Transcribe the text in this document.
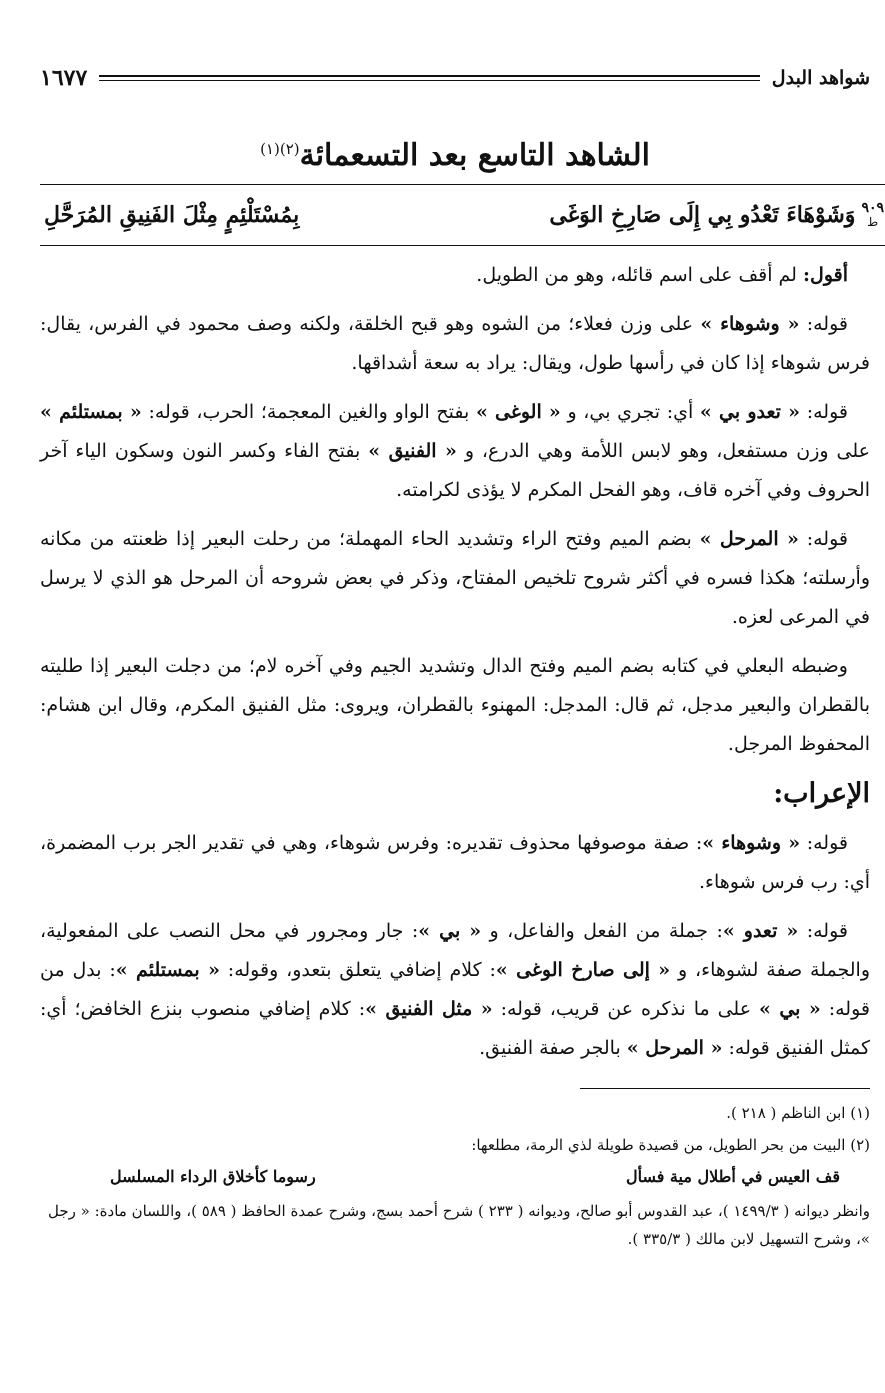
شواهد البدل
١٦٧٧
الشاهد التاسع بعد التسعمائة$^{(٢)(١)}$
٩٠٩
ط
وَشَوْهَاءَ تَعْدُو بِي إِلَى صَارِخِ الوَغَى
بِمُسْتَلْئِمٍ مِثْلَ الفَنِيقِ المُرَحَّلِ

أقول: لم أقف على اسم قائله، وهو من الطويل.

قوله: « وشوهاء » على وزن فعلاء؛ من الشوه وهو قبح الخلقة، ولكنه وصف محمود في الفرس، يقال: فرس شوهاء إذا كان في رأسها طول، ويقال: يراد به سعة أشداقها.

قوله: « تعدو بي » أي: تجري بي، و « الوغى » بفتح الواو والغين المعجمة؛ الحرب، قوله: « بمستلئم » على وزن مستفعل، وهو لابس اللأمة وهي الدرع، و « الفنيق » بفتح الفاء وكسر النون وسكون الياء آخر الحروف وفي آخره قاف، وهو الفحل المكرم لا يؤذى لكرامته.

قوله: « المرحل » بضم الميم وفتح الراء وتشديد الحاء المهملة؛ من رحلت البعير إذا ظعنته من مكانه وأرسلته؛ هكذا فسره في أكثر شروح تلخيص المفتاح، وذكر في بعض شروحه أن المرحل هو الذي لا يرسل في المرعى لعزه.

وضبطه البعلي في كتابه بضم الميم وفتح الدال وتشديد الجيم وفي آخره لام؛ من دجلت البعير إذا طليته بالقطران والبعير مدجل، ثم قال: المدجل: المهنوء بالقطران، ويروى: مثل الفنيق المكرم، وقال ابن هشام: المحفوظ المرجل.

الإعراب:

قوله: « وشوهاء »: صفة موصوفها محذوف تقديره: وفرس شوهاء، وهي في تقدير الجر برب المضمرة، أي: رب فرس شوهاء.

قوله: « تعدو »: جملة من الفعل والفاعل، و « بي »: جار ومجرور في محل النصب على المفعولية، والجملة صفة لشوهاء، و « إلى صارخ الوغى »: كلام إضافي يتعلق بتعدو، وقوله: « بمستلئم »: بدل من قوله: « بي » على ما نذكره عن قريب، قوله: « مثل الفنيق »: كلام إضافي منصوب بنزع الخافض؛ أي: كمثل الفنيق قوله: « المرحل » بالجر صفة الفنيق.

(١) ابن الناظم ( ٢١٨ ).

(٢) البيت من بحر الطويل، من قصيدة طويلة لذي الرمة، مطلعها:

قف العيس في أطلال مية فسأل
رسوما كأخلاق الرداء المسلسل

وانظر ديوانه ( ١٤٩٩/٣ )، عبد القدوس أبو صالح، وديوانه ( ٢٣٣ ) شرح أحمد بسج، وشرح عمدة الحافظ ( ٥٨٩ )، واللسان مادة: « رجل »، وشرح التسهيل لابن مالك ( ٣٣٥/٣ ).
